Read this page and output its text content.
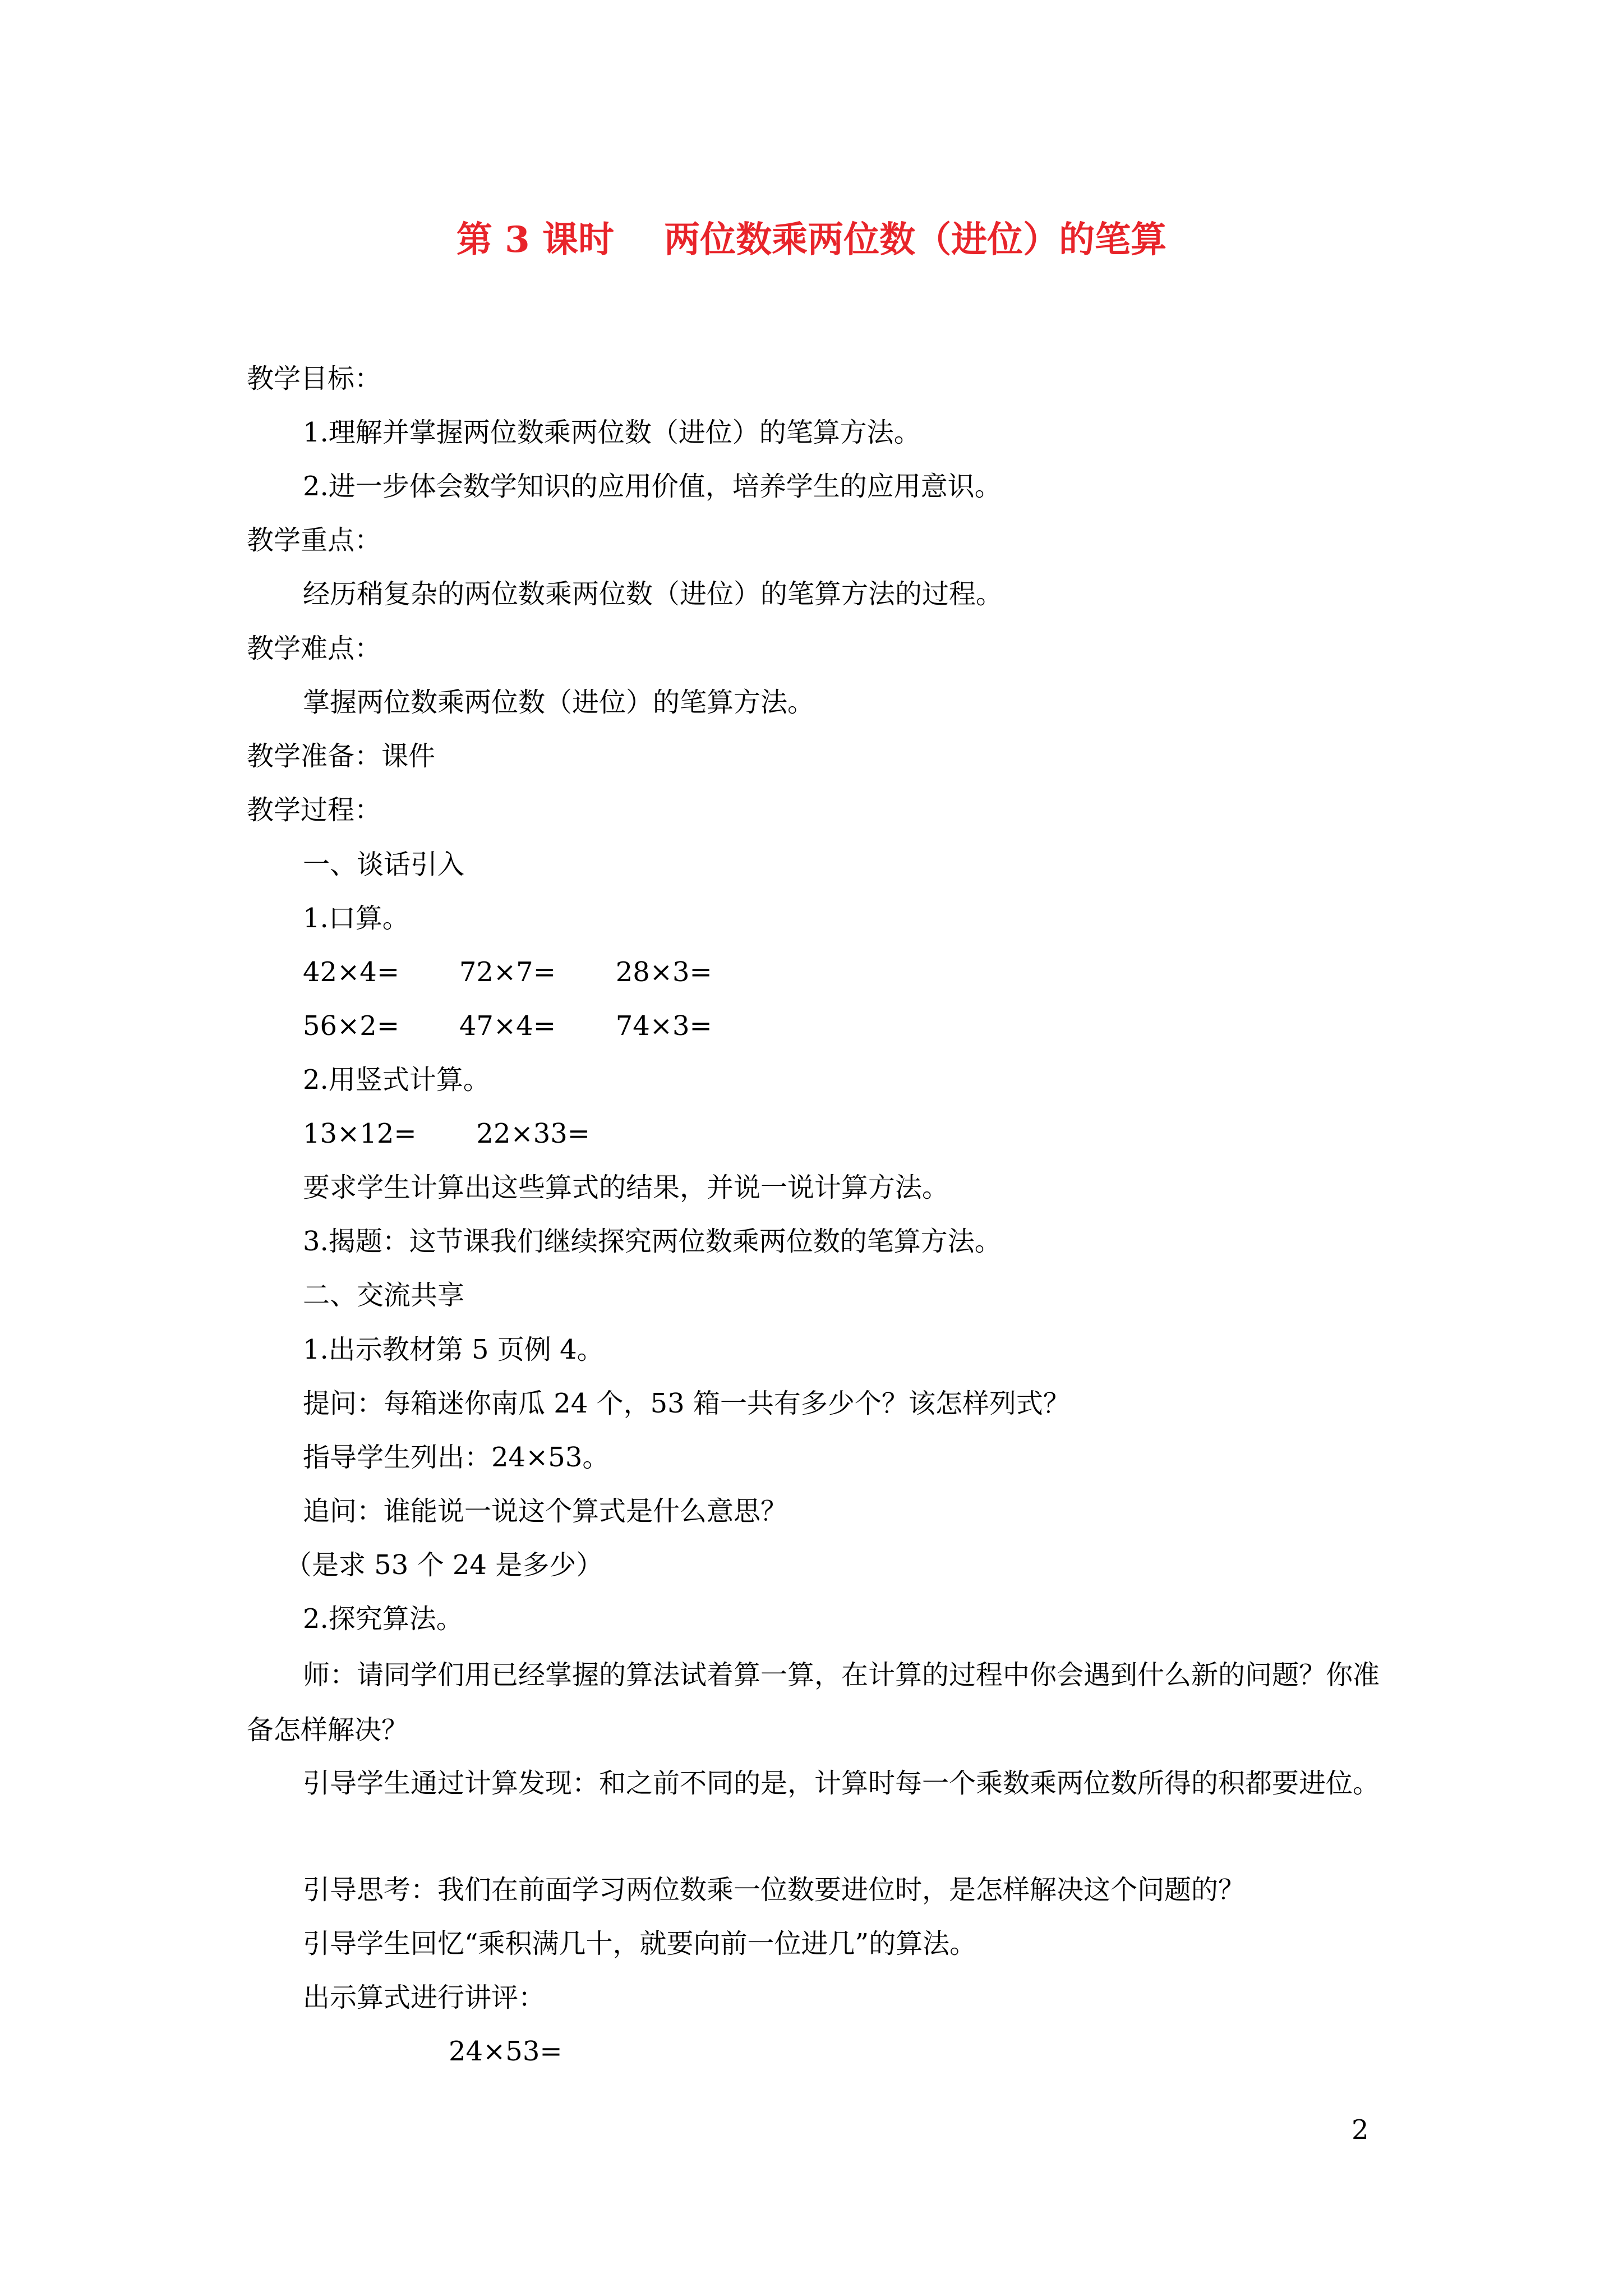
第 3 课时    两位数乘两位数（进位）的笔算
教学目标：
1.理解并掌握两位数乘两位数（进位）的笔算方法。
2.进一步体会数学知识的应用价值，培养学生的应用意识。
教学重点：
经历稍复杂的两位数乘两位数（进位）的笔算方法的过程。
教学难点：
掌握两位数乘两位数（进位）的笔算方法。
教学准备：课件
教学过程：
一、谈话引入
1.口算。
42×4=       72×7=       28×3=
56×2=       47×4=       74×3=
2.用竖式计算。
13×12=       22×33=
要求学生计算出这些算式的结果，并说一说计算方法。
3.揭题：这节课我们继续探究两位数乘两位数的笔算方法。
二、交流共享
1.出示教材第 5 页例 4。
提问：每箱迷你南瓜 24 个，53 箱一共有多少个？该怎样列式？
指导学生列出：24×53。
追问：谁能说一说这个算式是什么意思？
（是求 53 个 24 是多少）
2.探究算法。
师：请同学们用已经掌握的算法试着算一算，在计算的过程中你会遇到什么新的问题？你准备怎样解决？
引导学生通过计算发现：和之前不同的是，计算时每一个乘数乘两位数所得的积都要进位。
引导思考：我们在前面学习两位数乘一位数要进位时，是怎样解决这个问题的？
引导学生回忆“乘积满几十，就要向前一位进几”的算法。
出示算式进行讲评：
24×53=
2
